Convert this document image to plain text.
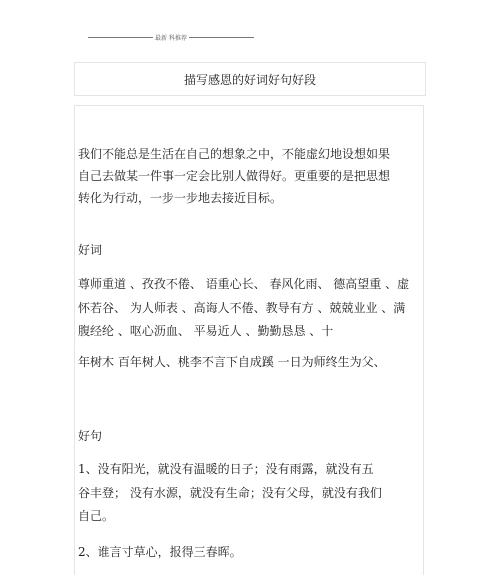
最新 科推荐
描写感恩的好词好句好段
我们不能总是生活在自己的想象之中，不能虚幻地设想如果
自己去做某一件事一定会比别人做得好。更重要的是把思想
转化为行动，一步一步地去接近目标。
好词
尊师重道 、孜孜不倦、 语重心长、 春风化雨、 德高望重 、虚
怀若谷、 为人师表 、高诲人不倦、教导有方 、兢兢业业 、满
腹经纶 、呕心沥血、 平易近人 、勤勤恳恳 、十
年树木 百年树人、桃李不言下自成蹊 一日为师终生为父、
好句
1、没有阳光，就没有温暖的日子；没有雨露，就没有五
谷丰登； 没有水源，就没有生命；没有父母，就没有我们
自己。
2、谁言寸草心，报得三春晖。
